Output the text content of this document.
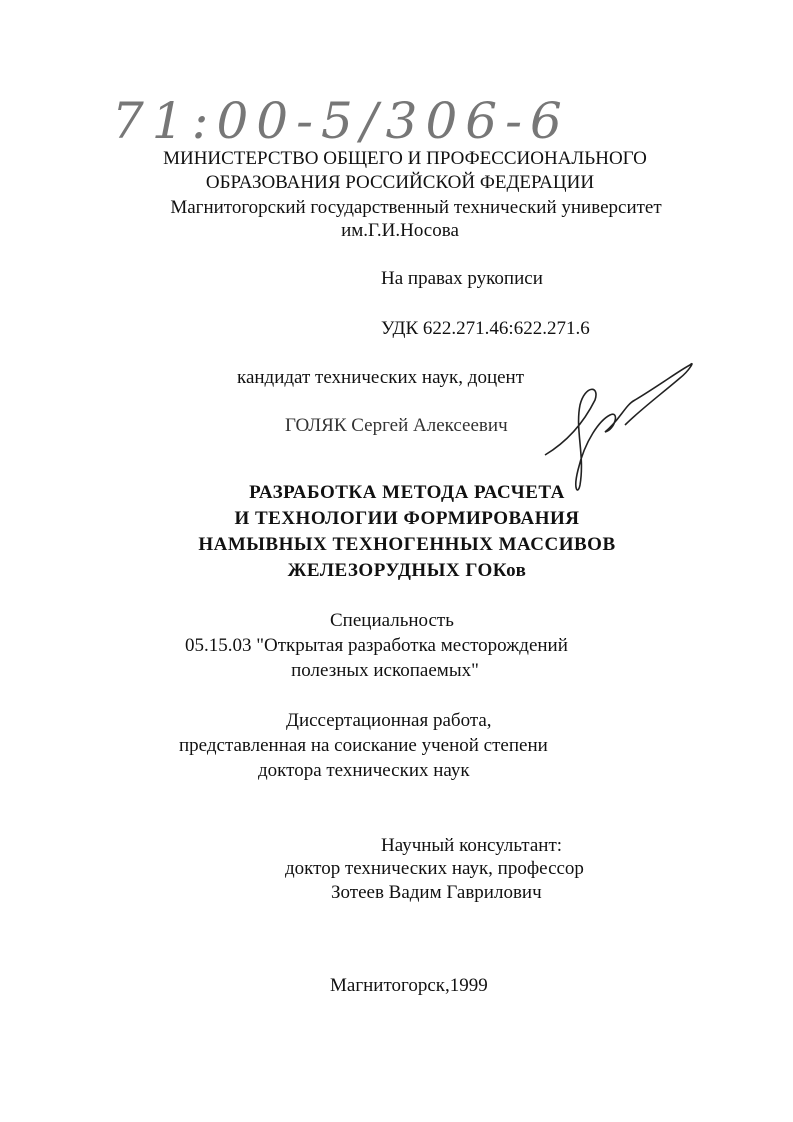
71:00-5/306-6
МИНИСТЕРСТВО ОБЩЕГО И ПРОФЕССИОНАЛЬНОГО
ОБРАЗОВАНИЯ РОССИЙСКОЙ ФЕДЕРАЦИИ
Магнитогорский государственный технический университет
им.Г.И.Носова
На правах рукописи
УДК 622.271.46:622.271.6
кандидат технических наук, доцент
ГОЛЯК Сергей Алексеевич
РАЗРАБОТКА МЕТОДА РАСЧЕТА
И ТЕХНОЛОГИИ ФОРМИРОВАНИЯ
НАМЫВНЫХ ТЕХНОГЕННЫХ МАССИВОВ
ЖЕЛЕЗОРУДНЫХ ГОКов
Специальность
05.15.03 "Открытая разработка месторождений
полезных ископаемых"
Диссертационная работа,
представленная на соискание ученой степени
доктора технических наук
Научный консультант:
доктор технических наук, профессор
Зотеев Вадим Гаврилович
Магнитогорск,1999
